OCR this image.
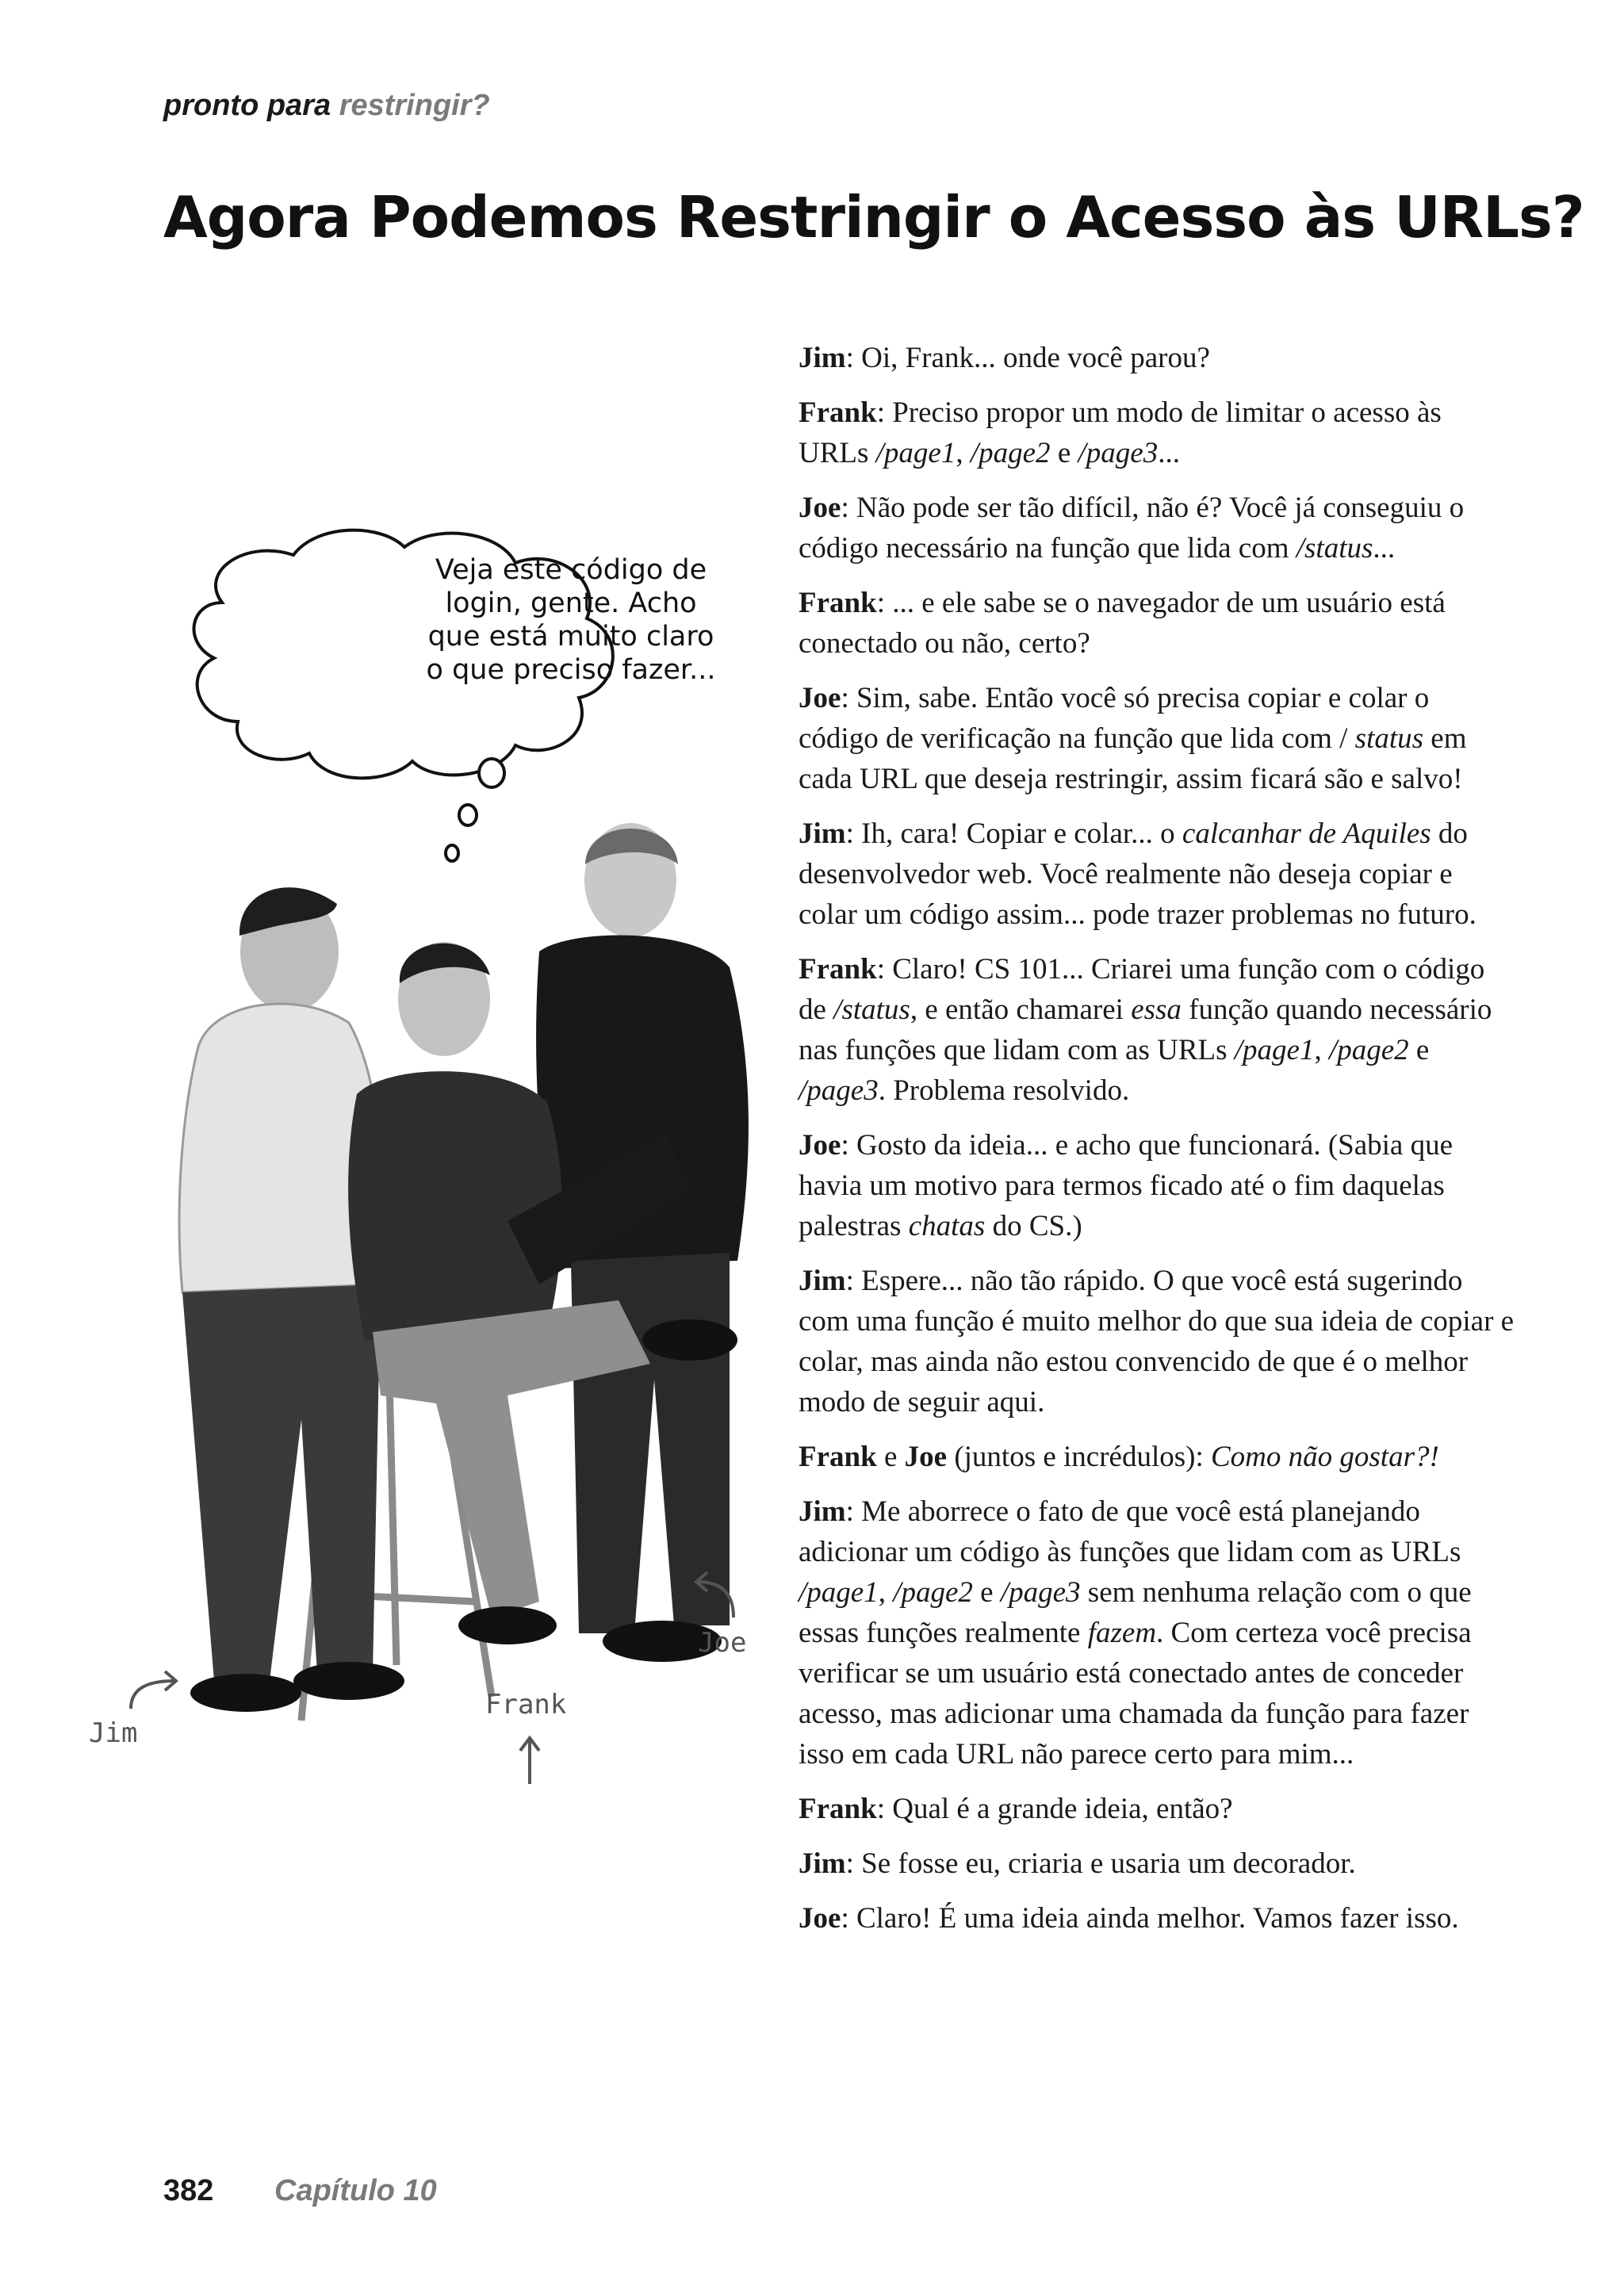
pronto para restringir?
Agora Podemos Restringir o Acesso às URLs?
Veja este código de
login, gente. Acho
que está muito claro
o que preciso fazer...
Jim
Frank
Joe

Jim: Oi, Frank... onde você parou?

Frank: Preciso propor um modo de limitar o acesso às URLs /page1, /page2 e /page3...

Joe: Não pode ser tão difícil, não é? Você já conseguiu o código necessário na função que lida com /status...

Frank: ... e ele sabe se o navegador de um usuário está conectado ou não, certo?

Joe: Sim, sabe. Então você só precisa copiar e colar o código de verificação na função que lida com / status em cada URL que deseja restringir, assim ficará são e salvo!

Jim: Ih, cara! Copiar e colar... o calcanhar de Aquiles do desenvolvedor web. Você realmente não deseja copiar e colar um código assim... pode trazer problemas no futuro.

Frank: Claro! CS 101... Criarei uma função com o código de /status, e então chamarei essa função quando necessário nas funções que lidam com as URLs /page1, /page2 e /page3. Problema resolvido.

Joe: Gosto da ideia... e acho que funcionará. (Sabia que havia um motivo para termos ficado até o fim daquelas palestras chatas do CS.)

Jim: Espere... não tão rápido. O que você está sugerindo com uma função é muito melhor do que sua ideia de copiar e colar, mas ainda não estou convencido de que é o melhor modo de seguir aqui.

Frank e Joe (juntos e incrédulos): Como não gostar?!

Jim: Me aborrece o fato de que você está planejando adicionar um código às funções que lidam com as URLs /page1, /page2 e /page3 sem nenhuma relação com o que essas funções realmente fazem. Com certeza você precisa verificar se um usuário está conectado antes de conceder acesso, mas adicionar uma chamada da função para fazer isso em cada URL não parece certo para mim...

Frank: Qual é a grande ideia, então?

Jim: Se fosse eu, criaria e usaria um decorador.

Joe: Claro! É uma ideia ainda melhor. Vamos fazer isso.

382 Capítulo 10
